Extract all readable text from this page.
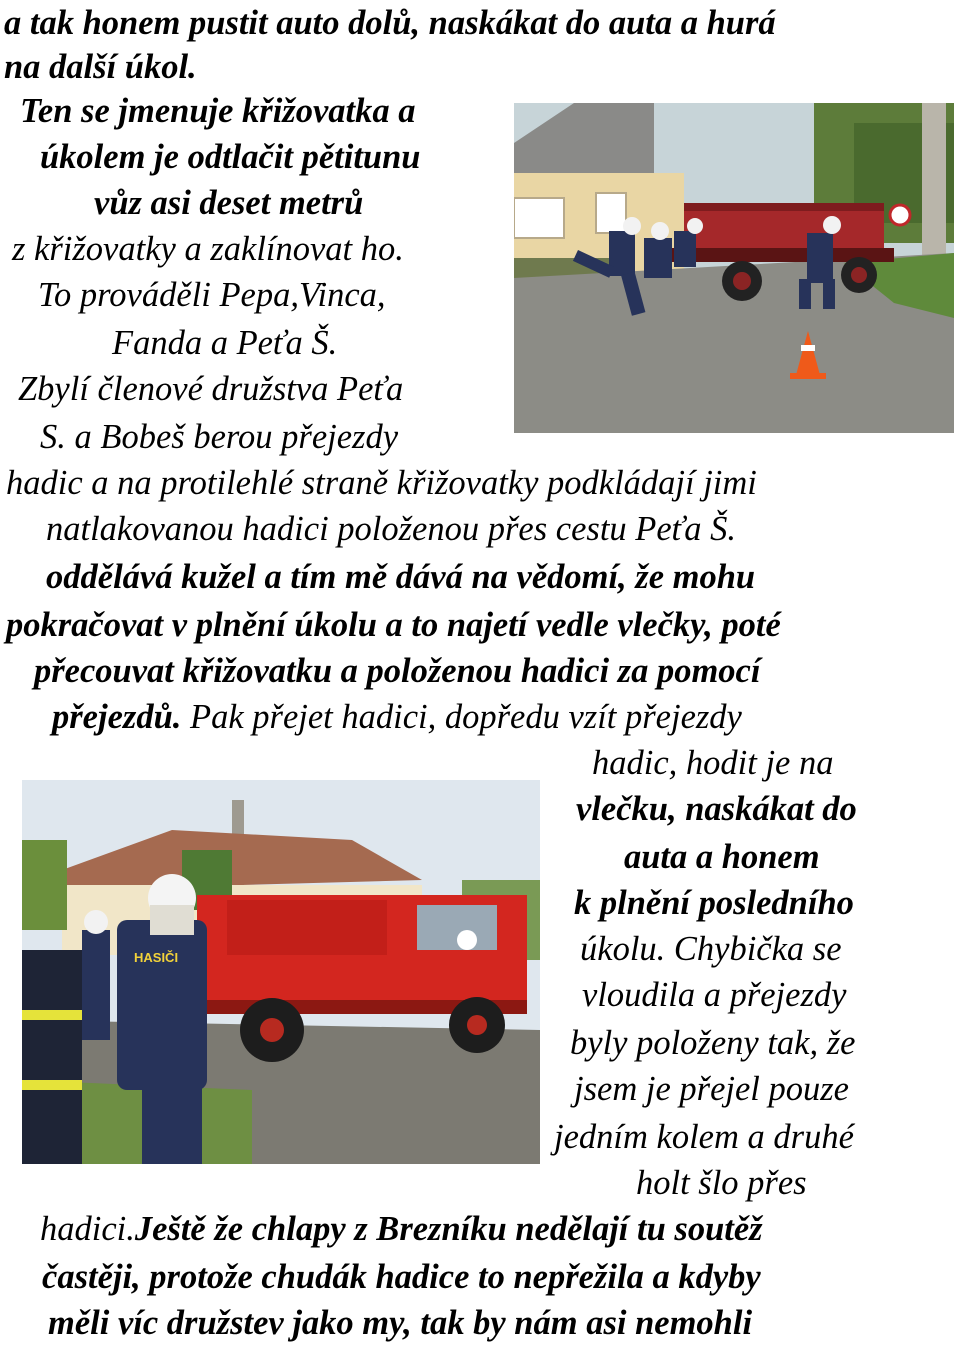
a tak honem pustit auto dolů, naskákat do auta a hurá
na další úkol.
Ten se jmenuje křižovatka a
úkolem je odtlačit pětitunu
vůz asi deset metrů
z křižovatky a zaklínovat ho.
To prováděli Pepa,Vinca,
Fanda a Peťa Š.
Zbylí členové družstva Peťa
S. a Bobeš berou přejezdy
hadic a na protilehlé straně křižovatky podkládají jimi
natlakovanou hadici položenou přes cestu Peťa Š.
oddělává kužel a tím mě dává na vědomí, že mohu
pokračovat v plnění úkolu a to najetí vedle vlečky, poté
přecouvat křižovatku a položenou hadici za pomocí
přejezdů. Pak přejet hadici, dopředu vzít přejezdy
hadic, hodit je na
vlečku, naskákat do
auta a honem
k plnění posledního
úkolu. Chybička se
vloudila a přejezdy
byly položeny tak, že
jsem je přejel pouze
jedním kolem a druhé
holt šlo přes
hadici.Ještě že chlapy z Brezníku nedělají tu soutěž
častěji, protože chudák hadice to nepřežila a kdyby
měli víc družstev jako my, tak by nám asi nemohli
HASIČI
